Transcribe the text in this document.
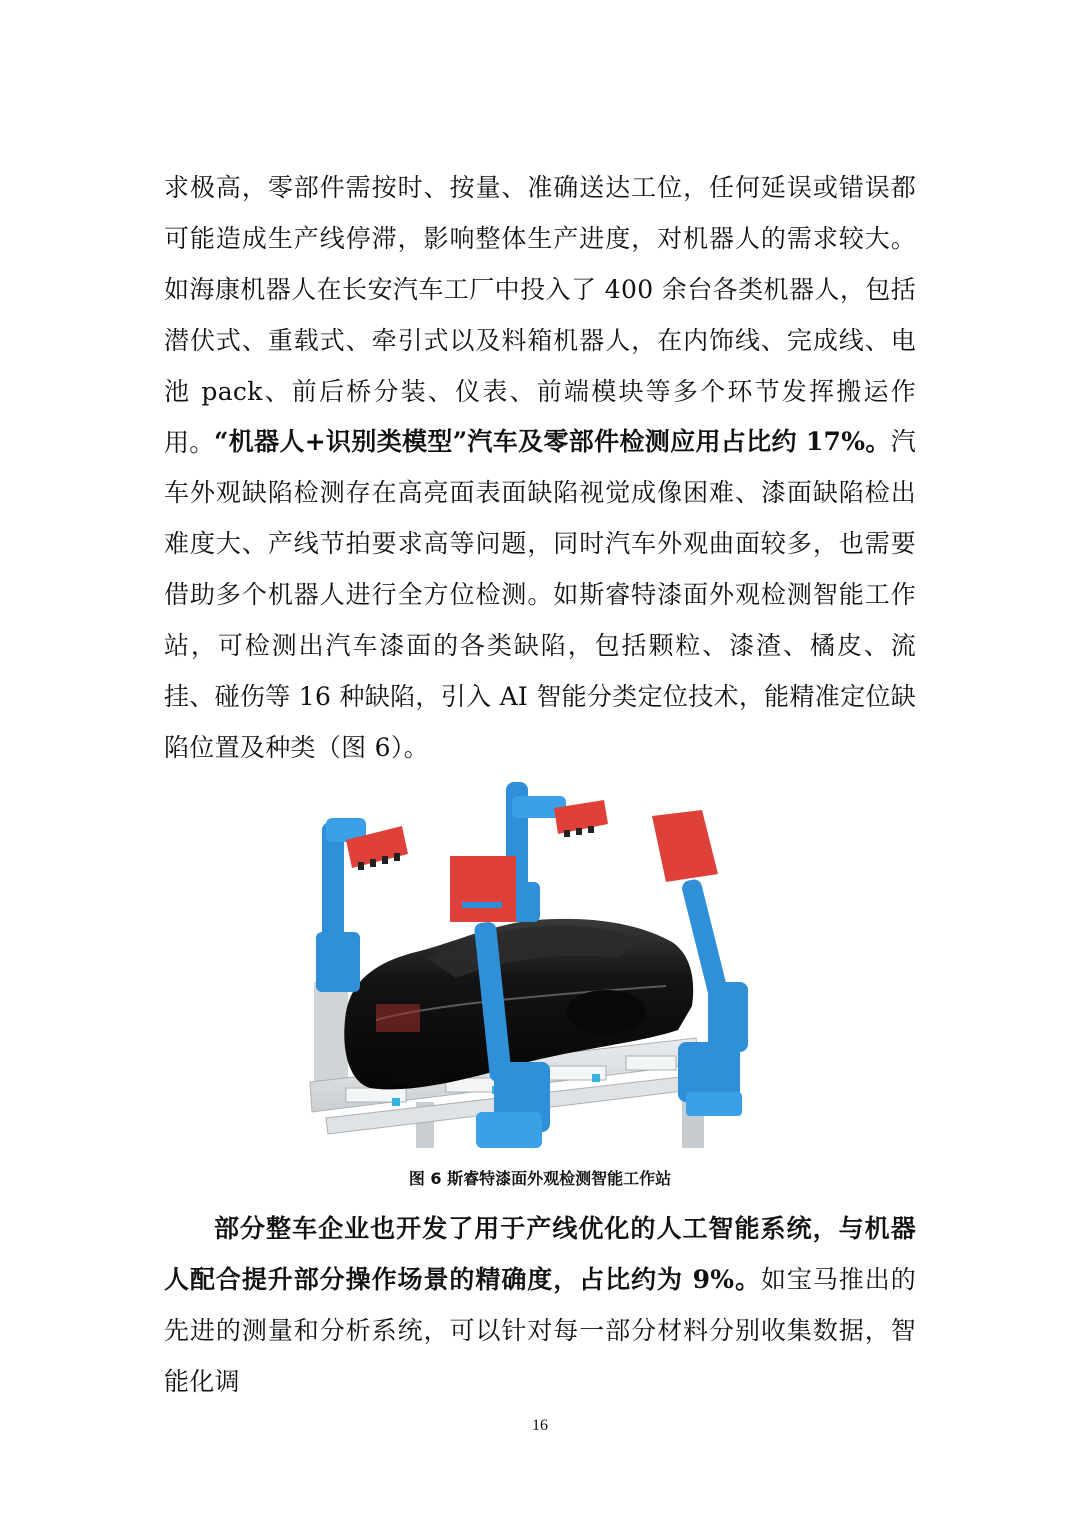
求极高，零部件需按时、按量、准确送达工位，任何延误或错误都可能造成生产线停滞，影响整体生产进度，对机器人的需求较大。如海康机器人在长安汽车工厂中投入了 400 余台各类机器人，包括潜伏式、重载式、牵引式以及料箱机器人，在内饰线、完成线、电池 pack、前后桥分装、仪表、前端模块等多个环节发挥搬运作用。 “机器人+识别类模型”汽车及零部件检测应用占比约 17%。汽车外观缺陷检测存在高亮面表面缺陷视觉成像困难、漆面缺陷检出难度大、产线节拍要求高等问题，同时汽车外观曲面较多，也需要借助多个机器人进行全方位检测。如斯睿特漆面外观检测智能工作站，可检测出汽车漆面的各类缺陷，包括颗粒、漆渣、橘皮、流挂、碰伤等 16 种缺陷，引入 AI 智能分类定位技术，能精准定位缺陷位置及种类（图 6）。

图 6 斯睿特漆面外观检测智能工作站

部分整车企业也开发了用于产线优化的人工智能系统，与机器人配合提升部分操作场景的精确度，占比约为 9%。如宝马推出的先进的测量和分析系统，可以针对每一部分材料分别收集数据，智能化调

16
